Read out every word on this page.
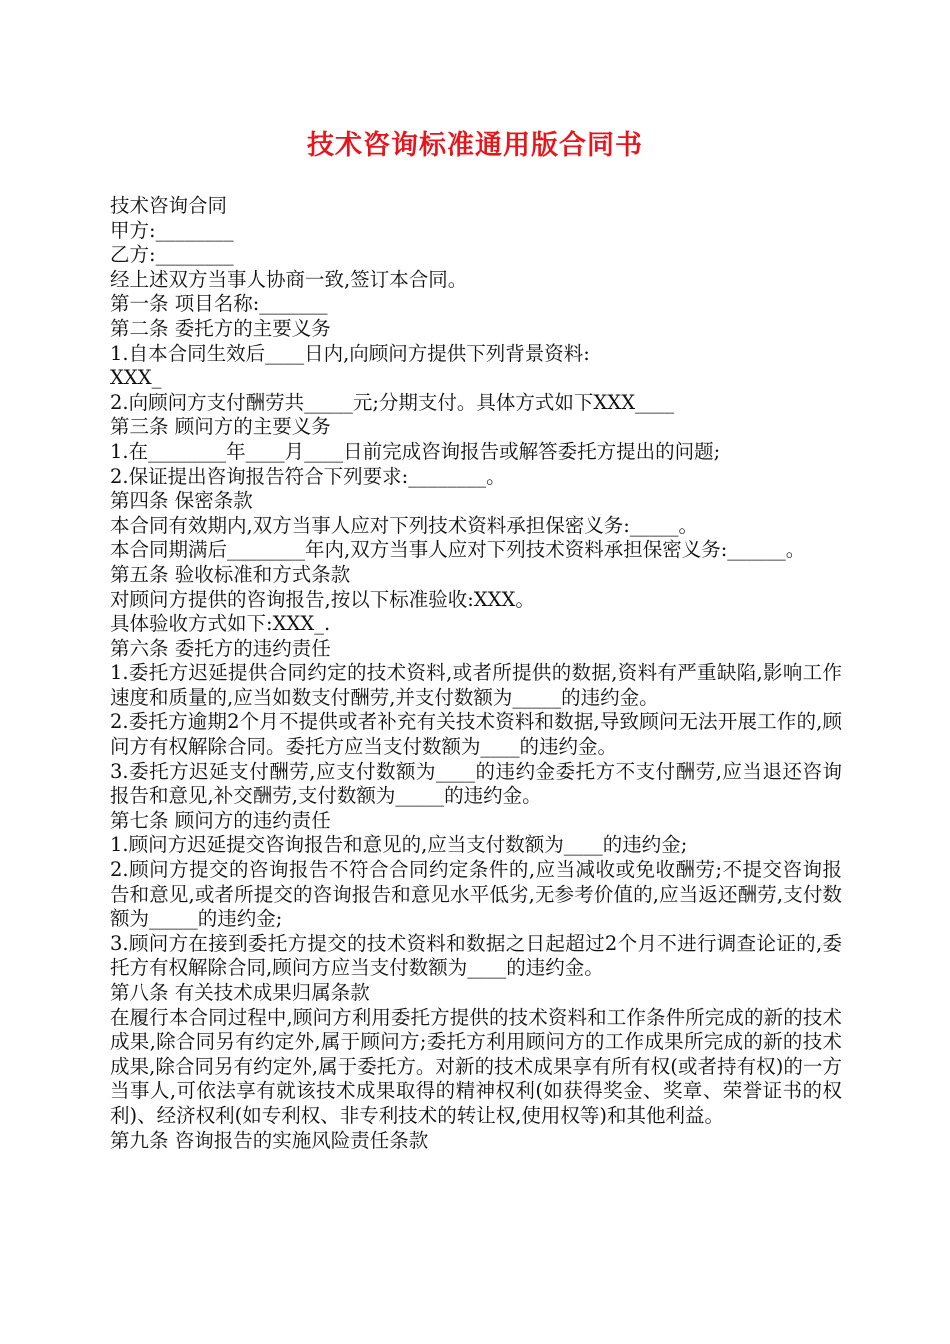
技术咨询标准通用版合同书

技术咨询合同

甲方:________

乙方:________

经上述双方当事人协商一致,签订本合同。

第一条 项目名称:_______

第二条 委托方的主要义务

1.自本合同生效后____日内,向顾问方提供下列背景资料:

XXX_

2.向顾问方支付酬劳共_____元;分期支付。具体方式如下XXX____

第三条 顾问方的主要义务

1.在________年____月____日前完成咨询报告或解答委托方提出的问题;

2.保证提出咨询报告符合下列要求:________。

第四条 保密条款

本合同有效期内,双方当事人应对下列技术资料承担保密义务:_____。

本合同期满后________年内,双方当事人应对下列技术资料承担保密义务:______。

第五条 验收标准和方式条款

对顾问方提供的咨询报告,按以下标准验收:XXX。

具体验收方式如下:XXX_.

第六条 委托方的违约责任

1.委托方迟延提供合同约定的技术资料,或者所提供的数据,资料有严重缺陷,影响工作速度和质量的,应当如数支付酬劳,并支付数额为_____的违约金。

2.委托方逾期2个月不提供或者补充有关技术资料和数据,导致顾问无法开展工作的,顾问方有权解除合同。委托方应当支付数额为____的违约金。

3.委托方迟延支付酬劳,应支付数额为____的违约金委托方不支付酬劳,应当退还咨询报告和意见,补交酬劳,支付数额为_____的违约金。

第七条 顾问方的违约责任

1.顾问方迟延提交咨询报告和意见的,应当支付数额为____的违约金;

2.顾问方提交的咨询报告不符合合同约定条件的,应当减收或免收酬劳;不提交咨询报告和意见,或者所提交的咨询报告和意见水平低劣,无参考价值的,应当返还酬劳,支付数额为_____的违约金;

3.顾问方在接到委托方提交的技术资料和数据之日起超过2个月不进行调查论证的,委托方有权解除合同,顾问方应当支付数额为____的违约金。

第八条 有关技术成果归属条款

在履行本合同过程中,顾问方利用委托方提供的技术资料和工作条件所完成的新的技术成果,除合同另有约定外,属于顾问方;委托方利用顾问方的工作成果所完成的新的技术成果,除合同另有约定外,属于委托方。对新的技术成果享有所有权(或者持有权)的一方当事人,可依法享有就该技术成果取得的精神权利(如获得奖金、奖章、荣誉证书的权利)、经济权利(如专利权、非专利技术的转让权,使用权等)和其他利益。

第九条 咨询报告的实施风险责任条款
